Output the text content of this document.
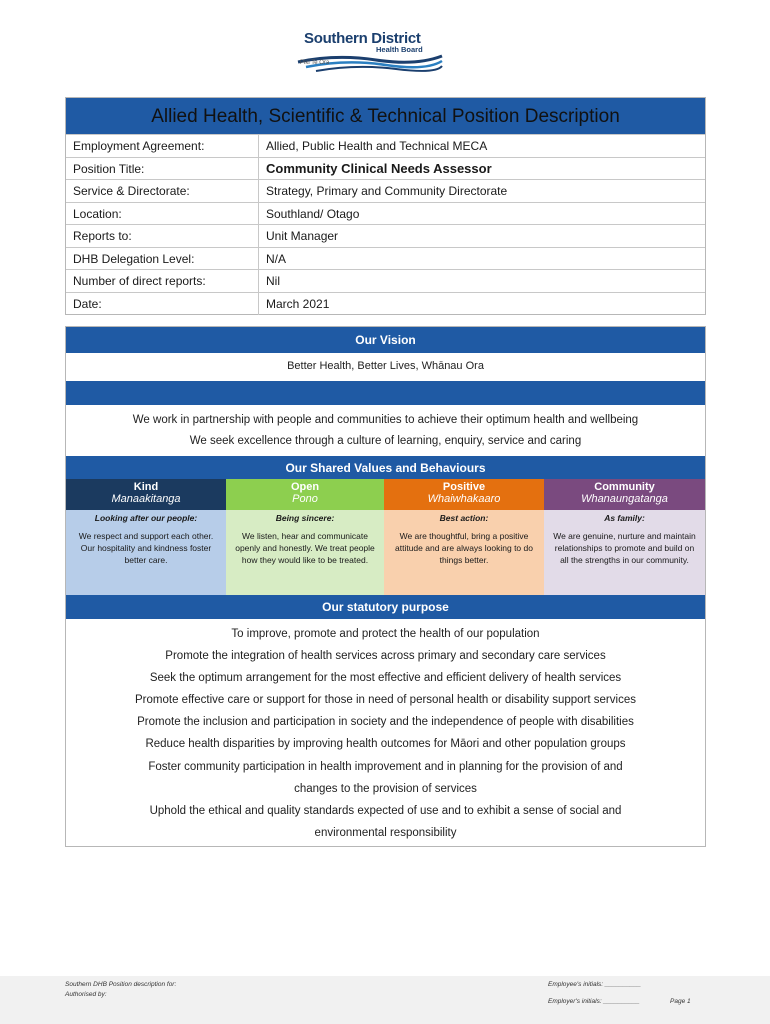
Southern District
Health Board
Piki Te Ora
Allied Health, Scientific & Technical Position Description
Employment Agreement:	Allied, Public Health and Technical MECA
Position Title:	Community Clinical Needs Assessor
Service & Directorate:	Strategy, Primary and Community Directorate
Location:	Southland/ Otago
Reports to:	Unit Manager
DHB Delegation Level:	N/A
Number of direct reports:	Nil
Date:	March 2021
Our Vision
Better Health, Better Lives, Whānau Ora
We work in partnership with people and communities to achieve their optimum health and wellbeing
We seek excellence through a culture of learning, enquiry, service and caring
Our Shared Values and Behaviours
Kind
Manaakitanga
Looking after our people:
We respect and support each other. Our hospitality and kindness foster better care.
Open
Pono
Being sincere:
We listen, hear and communicate openly and honestly. We treat people how they would like to be treated.
Positive
Whaiwhakaaro
Best action:
We are thoughtful, bring a positive attitude and are always looking to do things better.
Community
Whanaungatanga
As family:
We are genuine, nurture and maintain relationships to promote and build on all the strengths in our community.
Our statutory purpose
To improve, promote and protect the health of our population
Promote the integration of health services across primary and secondary care services
Seek the optimum arrangement for the most effective and efficient delivery of health services
Promote effective care or support for those in need of personal health or disability support services
Promote the inclusion and participation in society and the independence of people with disabilities
Reduce health disparities by improving health outcomes for Māori and other population groups
Foster community participation in health improvement and in planning for the provision of and
changes to the provision of services
Uphold the ethical and quality standards expected of use and to exhibit a sense of social and
environmental responsibility
Southern DHB Position description for:
Authorised by:
Employee's initials: __________
Employer's initials: __________	Page 1
